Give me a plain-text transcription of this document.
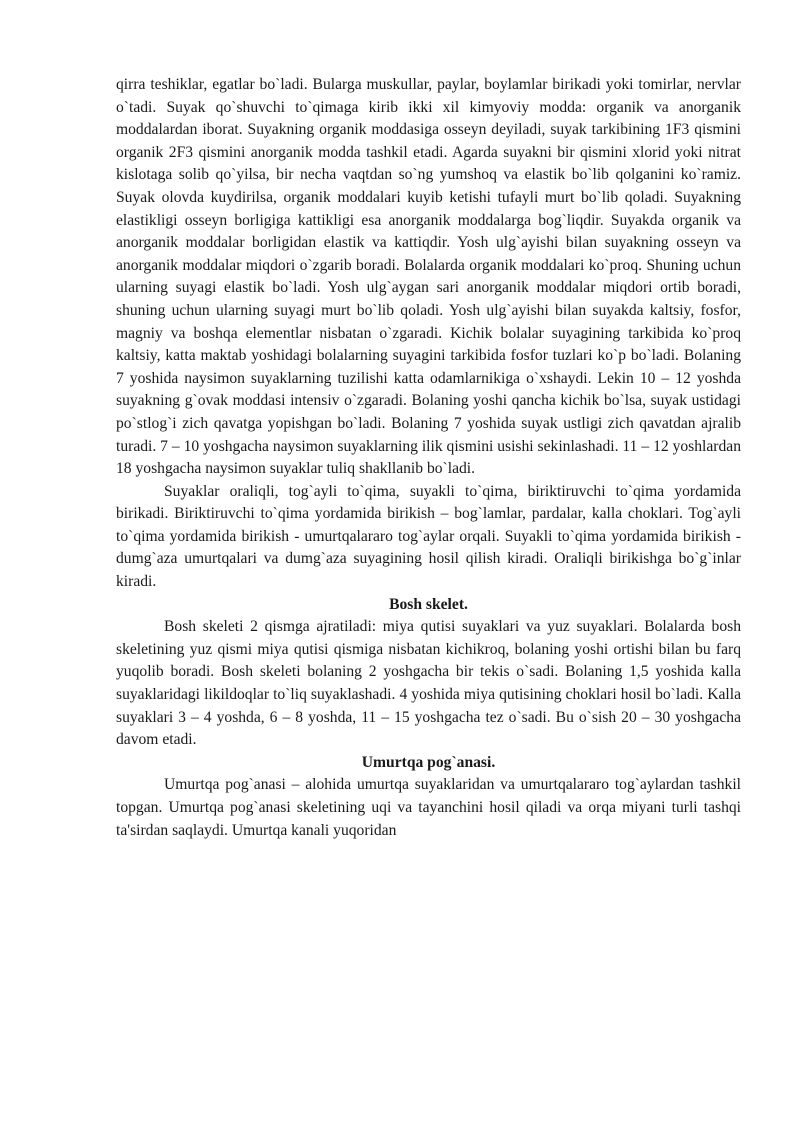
qirra teshiklar, egatlar bo`ladi. Bularga muskullar, paylar, boylamlar birikadi yoki tomirlar, nervlar o`tadi. Suyak qo`shuvchi to`qimaga kirib ikki xil kimyoviy modda: organik va anorganik moddalardan iborat. Suyakning organik moddasiga osseyn deyiladi, suyak tarkibining 1F3 qismini organik 2F3 qismini anorganik modda tashkil etadi. Agarda suyakni bir qismini xlorid yoki nitrat kislotaga solib qo`yilsa, bir necha vaqtdan so`ng yumshoq va elastik bo`lib qolganini ko`ramiz. Suyak olovda kuydirilsa, organik moddalari kuyib ketishi tufayli murt bo`lib qoladi. Suyakning elastikligi osseyn borligiga kattikligi esa anorganik moddalarga bog`liqdir. Suyakda organik va anorganik moddalar borligidan elastik va kattiqdir. Yosh ulg`ayishi bilan suyakning osseyn va anorganik moddalar miqdori o`zgarib boradi. Bolalarda organik moddalari ko`proq. Shuning uchun ularning suyagi elastik bo`ladi. Yosh ulg`aygan sari anorganik moddalar miqdori ortib boradi, shuning uchun ularning suyagi murt bo`lib qoladi. Yosh ulg`ayishi bilan suyakda kaltsiy, fosfor, magniy va boshqa elementlar nisbatan o`zgaradi. Kichik bolalar suyagining tarkibida ko`proq kaltsiy, katta maktab yoshidagi bolalarning suyagini tarkibida fosfor tuzlari ko`p bo`ladi. Bolaning 7 yoshida naysimon suyaklarning tuzilishi katta odamlarnikiga o`xshaydi. Lekin 10 – 12 yoshda suyakning g`ovak moddasi intensiv o`zgaradi. Bolaning yoshi qancha kichik bo`lsa, suyak ustidagi po`stlog`i zich qavatga yopishgan bo`ladi. Bolaning 7 yoshida suyak ustligi zich qavatdan ajralib turadi. 7 – 10 yoshgacha naysimon suyaklarning ilik qismini usishi sekinlashadi. 11 – 12 yoshlardan 18 yoshgacha naysimon suyaklar tuliq shakllanib bo`ladi.

Suyaklar oraliqli, tog`ayli to`qima, suyakli to`qima, biriktiruvchi to`qima yordamida birikadi. Biriktiruvchi to`qima yordamida birikish – bog`lamlar, pardalar, kalla choklari. Tog`ayli to`qima yordamida birikish - umurtqalararo tog`aylar orqali. Suyakli to`qima yordamida birikish - dumg`aza umurtqalari va dumg`aza suyagining hosil qilish kiradi. Oraliqli birikishga bo`g`inlar kiradi.

Bosh skelet.

Bosh skeleti 2 qismga ajratiladi: miya qutisi suyaklari va yuz suyaklari. Bolalarda bosh skeletining yuz qismi miya qutisi qismiga nisbatan kichikroq, bolaning yoshi ortishi bilan bu farq yuqolib boradi. Bosh skeleti bolaning 2 yoshgacha bir tekis o`sadi. Bolaning 1,5 yoshida kalla suyaklaridagi likildoqlar to`liq suyaklashadi. 4 yoshida miya qutisining choklari hosil bo`ladi. Kalla suyaklari 3 – 4 yoshda, 6 – 8 yoshda, 11 – 15 yoshgacha tez o`sadi. Bu o`sish 20 – 30 yoshgacha davom etadi.

Umurtqa pog`anasi.

Umurtqa pog`anasi – alohida umurtqa suyaklaridan va umurtqalararo tog`aylardan tashkil topgan. Umurtqa pog`anasi skeletining uqi va tayanchini hosil qiladi va orqa miyani turli tashqi ta'sirdan saqlaydi. Umurtqa kanali yuqoridan
